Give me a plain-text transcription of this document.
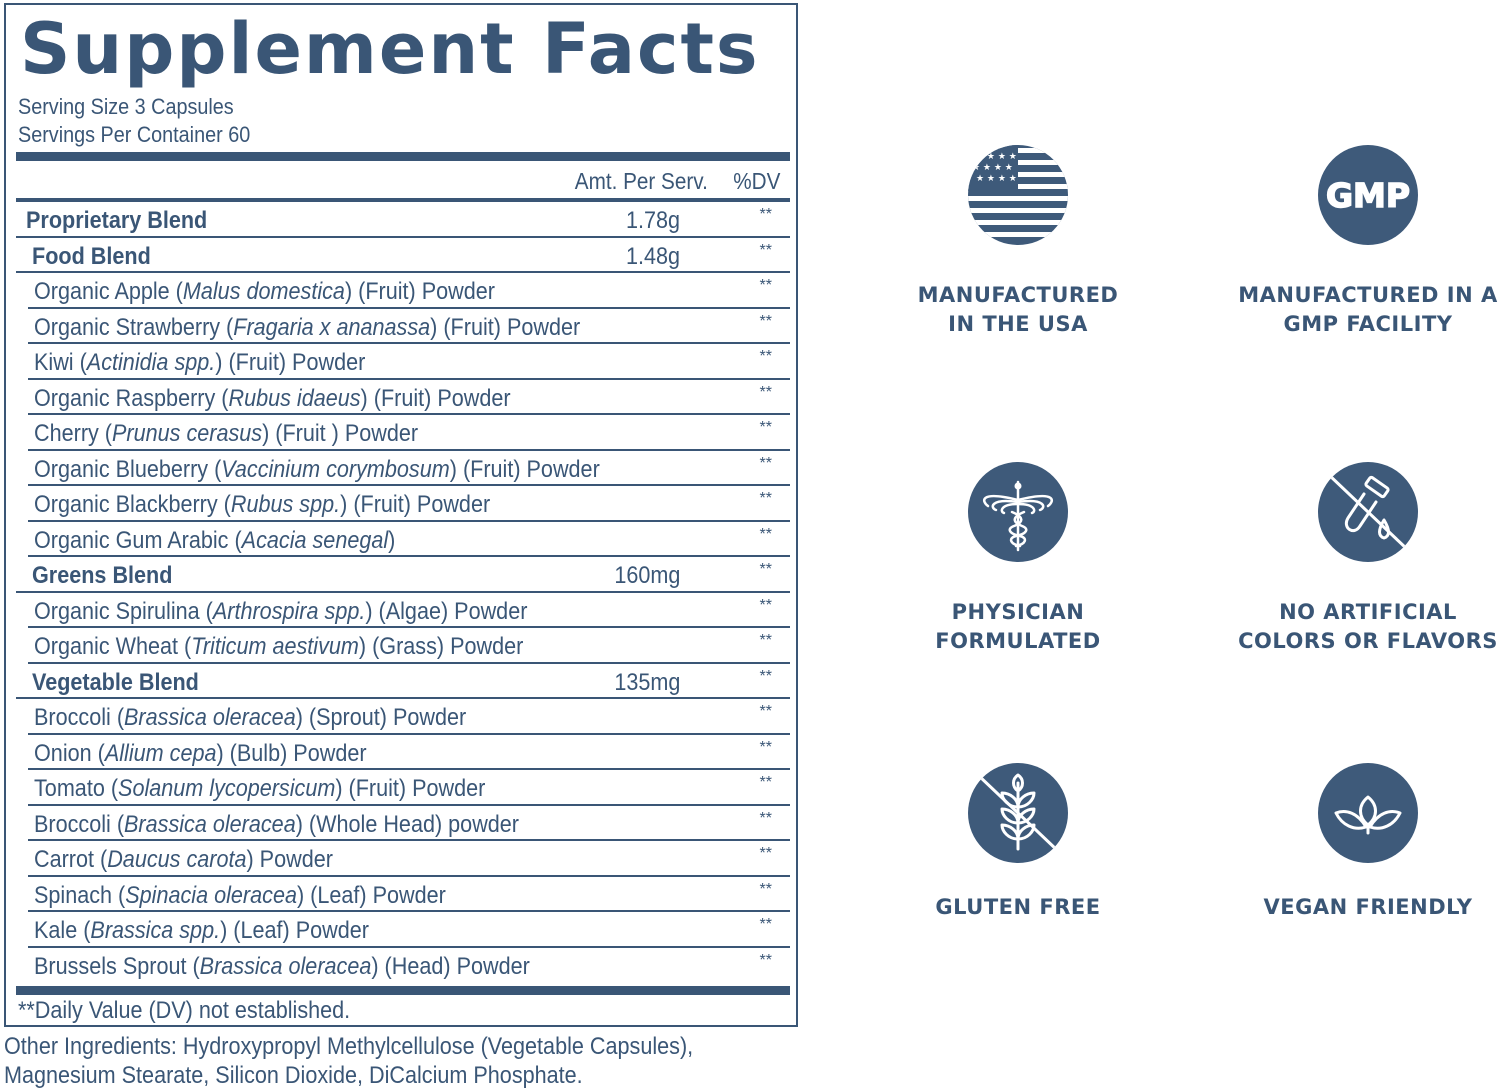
Supplement Facts
Serving Size 3 Capsules
Servings Per Container 60
Amt. Per Serv. %DV
Proprietary Blend	1.78g	**
Food Blend	1.48g	**
Organic Apple (Malus domestica) (Fruit) Powder	**
Organic Strawberry (Fragaria x ananassa) (Fruit) Powder	**
Kiwi (Actinidia spp.) (Fruit) Powder	**
Organic Raspberry (Rubus idaeus) (Fruit) Powder	**
Cherry (Prunus cerasus) (Fruit ) Powder	**
Organic Blueberry (Vaccinium corymbosum) (Fruit) Powder	**
Organic Blackberry (Rubus spp.) (Fruit) Powder	**
Organic Gum Arabic (Acacia senegal)	**
Greens Blend	160mg	**
Organic Spirulina (Arthrospira spp.) (Algae) Powder	**
Organic Wheat (Triticum aestivum) (Grass) Powder	**
Vegetable Blend	135mg	**
Broccoli (Brassica oleracea) (Sprout) Powder	**
Onion (Allium cepa) (Bulb) Powder	**
Tomato (Solanum lycopersicum) (Fruit) Powder	**
Broccoli (Brassica oleracea) (Whole Head) powder	**
Carrot (Daucus carota) Powder	**
Spinach (Spinacia oleracea) (Leaf) Powder	**
Kale (Brassica spp.) (Leaf) Powder	**
Brussels Sprout (Brassica oleracea) (Head) Powder	**
**Daily Value (DV) not established.
Other Ingredients: Hydroxypropyl Methylcellulose (Vegetable Capsules),
Magnesium Stearate, Silicon Dioxide, DiCalcium Phosphate.
★ ★ ★ ★
★ ★ ★ ★
★ ★ ★ ★
MANUFACTURED
IN THE USA
GMP
MANUFACTURED IN A
GMP FACILITY
PHYSICIAN
FORMULATED
NO ARTIFICIAL
COLORS OR FLAVORS
GLUTEN FREE	VEGAN FRIENDLY
